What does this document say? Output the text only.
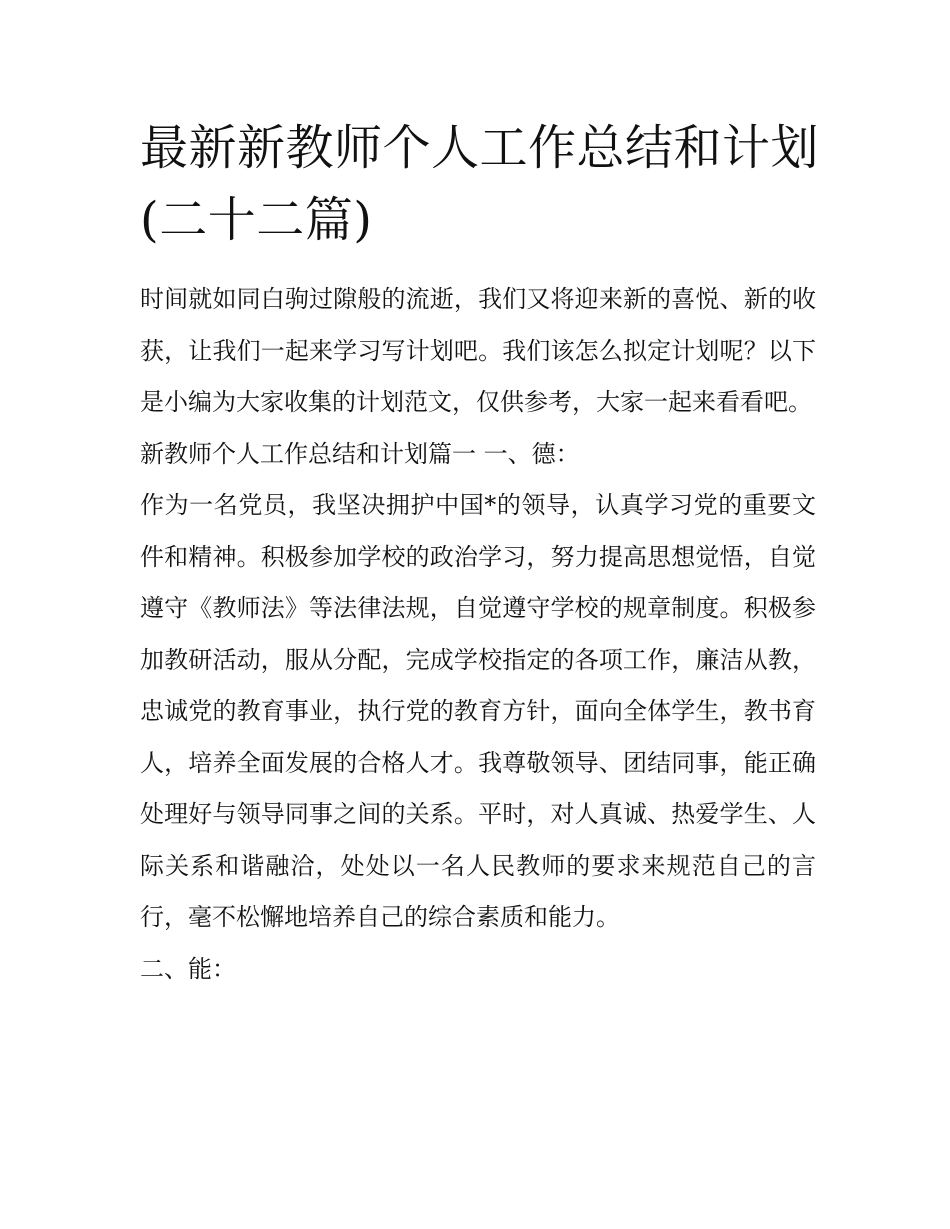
最新新教师个人工作总结和计划(二十二篇)

时间就如同白驹过隙般的流逝，我们又将迎来新的喜悦、新的收获，让我们一起来学习写计划吧。我们该怎么拟定计划呢？以下是小编为大家收集的计划范文，仅供参考，大家一起来看看吧。

新教师个人工作总结和计划篇一 一、德：

作为一名党员，我坚决拥护中国*的领导，认真学习党的重要文件和精神。积极参加学校的政治学习，努力提高思想觉悟，自觉遵守《教师法》等法律法规，自觉遵守学校的规章制度。积极参加教研活动，服从分配，完成学校指定的各项工作，廉洁从教，忠诚党的教育事业，执行党的教育方针，面向全体学生，教书育人，培养全面发展的合格人才。我尊敬领导、团结同事，能正确处理好与领导同事之间的关系。平时，对人真诚、热爱学生、人际关系和谐融洽，处处以一名人民教师的要求来规范自己的言行，毫不松懈地培养自己的综合素质和能力。

二、能：
